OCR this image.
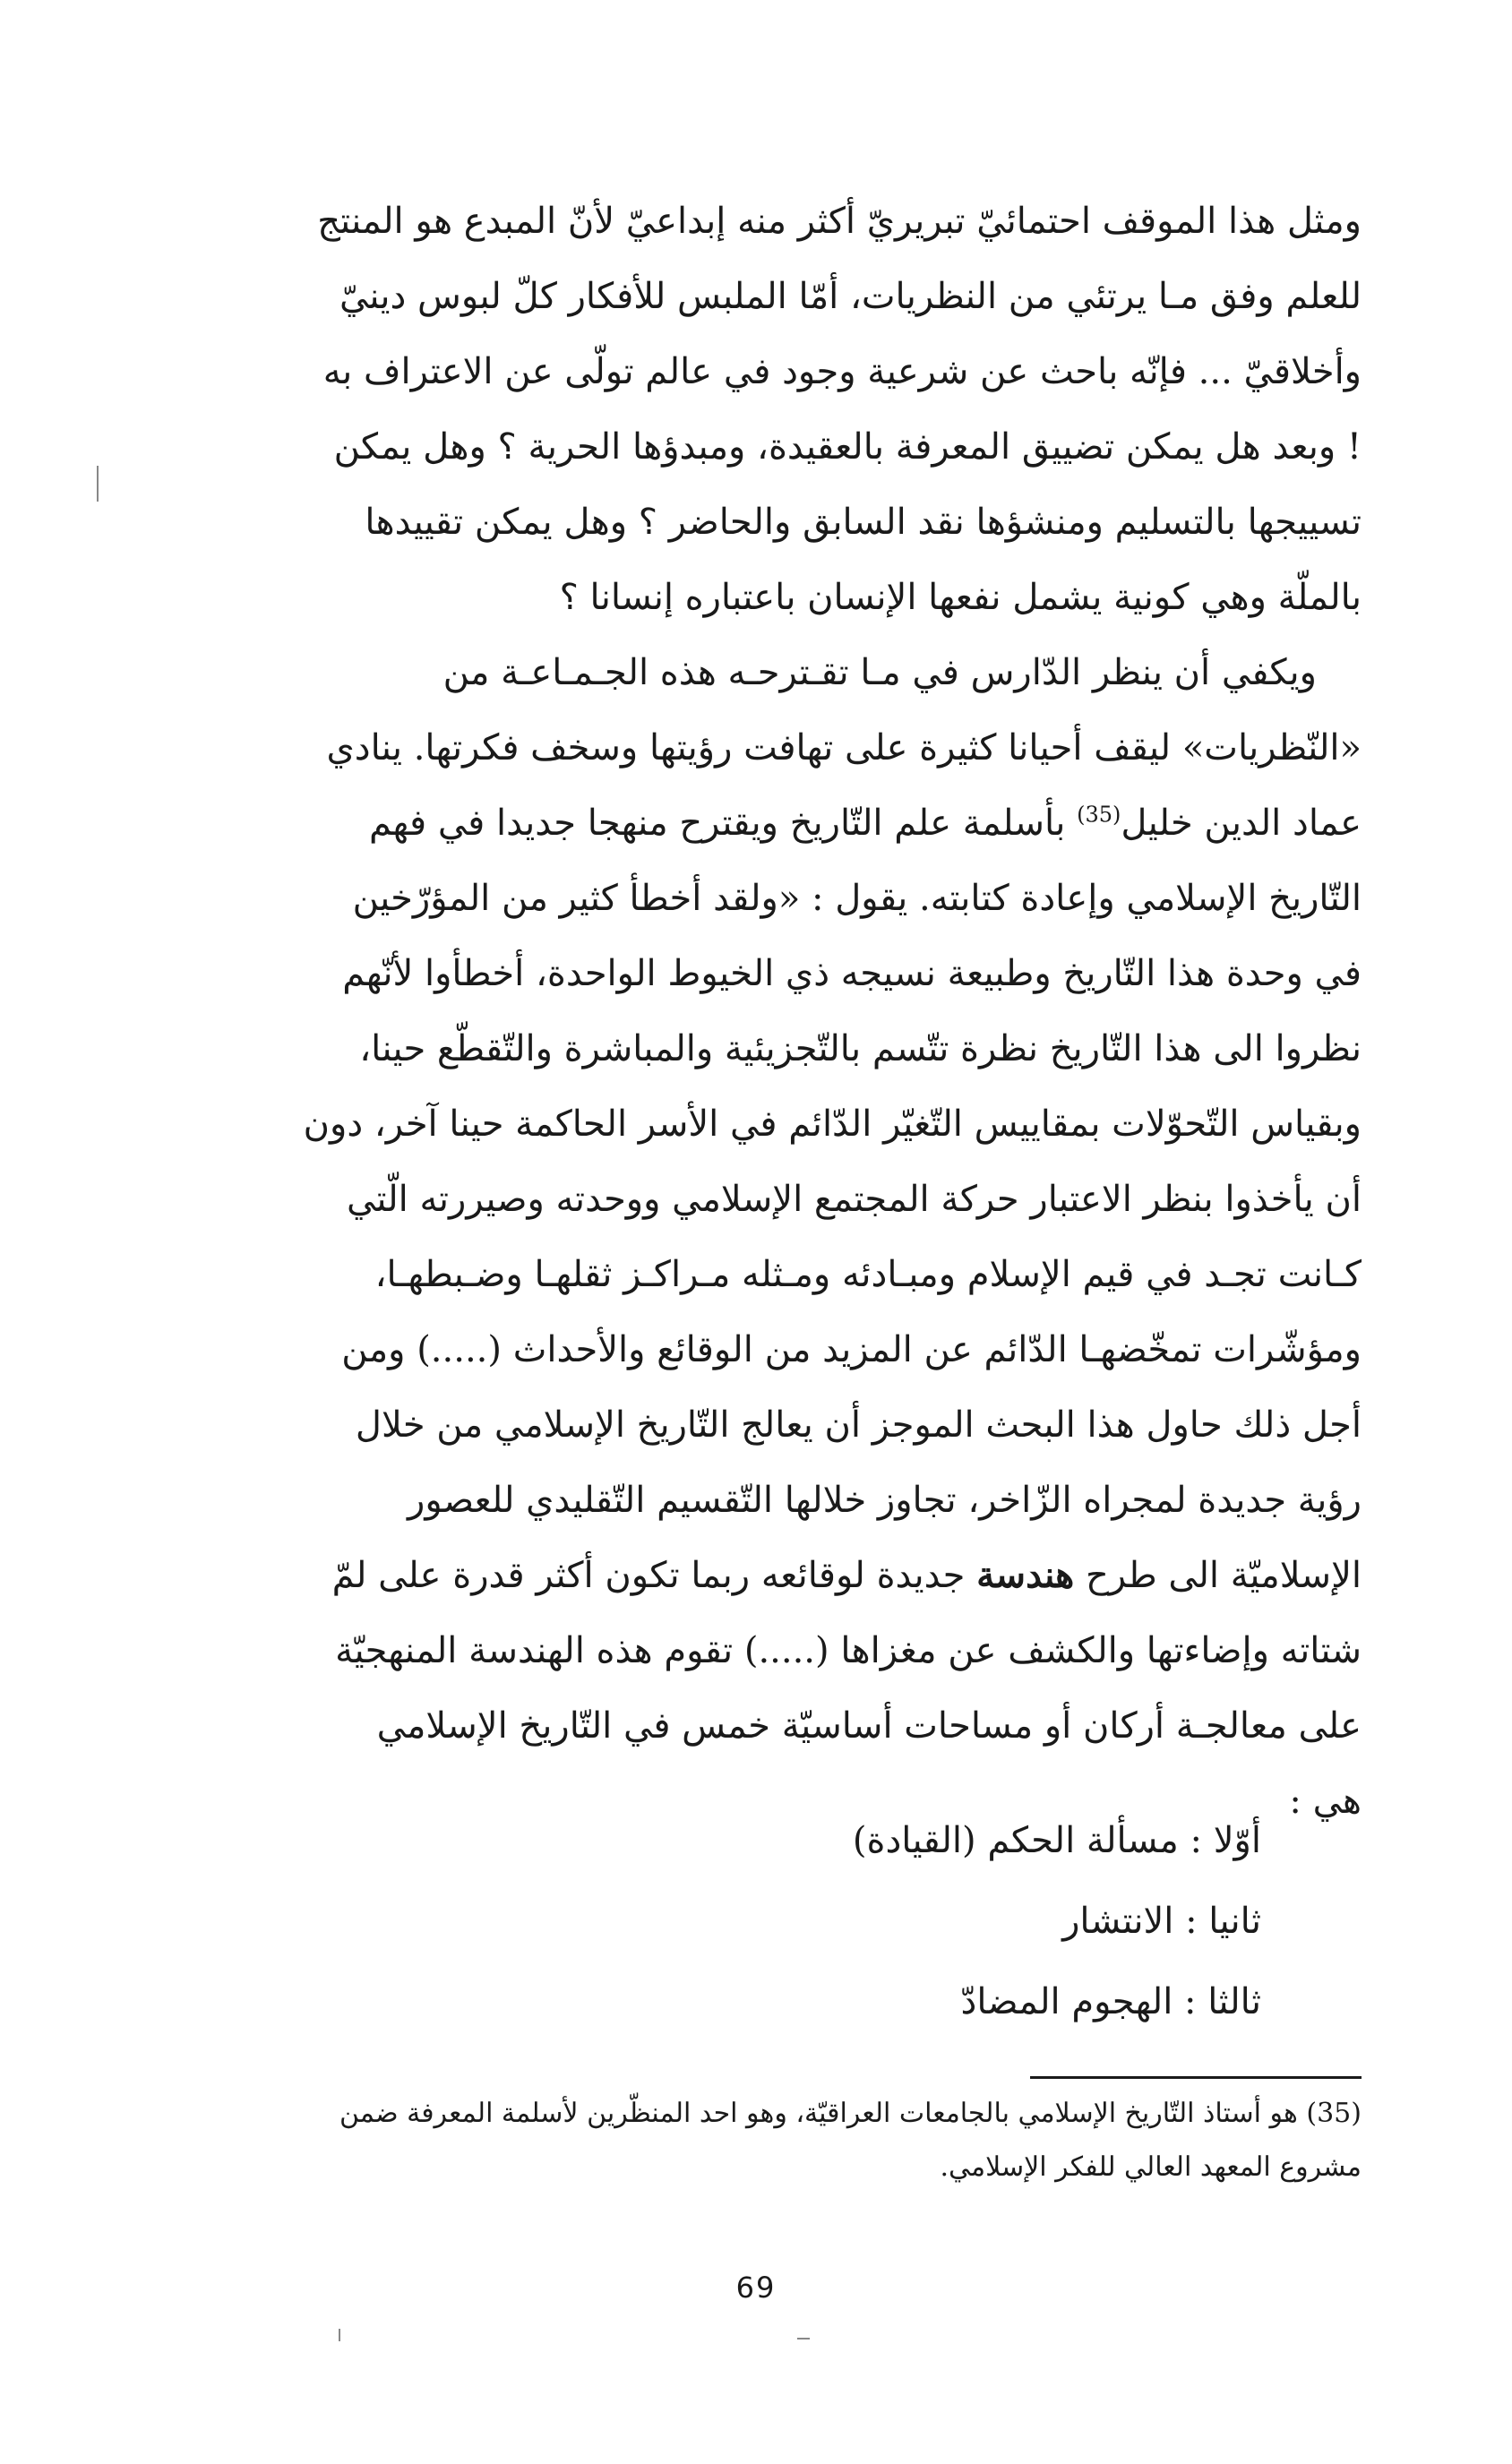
ومثل هذا الموقف احتمائيّ تبريريّ أكثر منه إبداعيّ لأنّ المبدع هو المنتج
للعلم وفق مـا يرتئي من النظريات، أمّا الملبس للأفكار كلّ لبوس دينيّ
وأخلاقيّ ... فإنّه باحث عن شرعية وجود في عالم تولّى عن الاعتراف به
! وبعد هل يمكن تضييق المعرفة بالعقيدة، ومبدؤها الحرية ؟ وهل يمكن
تسييجها بالتسليم ومنشؤها نقد السابق والحاضر ؟ وهل يمكن تقييدها
بالملّة وهي كونية يشمل نفعها الإنسان باعتباره إنسانا ؟
ويكفي أن ينظر الدّارس في مـا تقـترحـه هذه الجـمـاعـة من
«النّظريات» ليقف أحيانا كثيرة على تهافت رؤيتها وسخف فكرتها. ينادي
عماد الدين خليل$^{(35)}$ بأسلمة علم التّاريخ ويقترح منهجا جديدا في فهم
التّاريخ الإسلامي وإعادة كتابته. يقول : «ولقد أخطأ كثير من المؤرّخين
في وحدة هذا التّاريخ وطبيعة نسيجه ذي الخيوط الواحدة، أخطأوا لأنّهم
نظروا الى هذا التّاريخ نظرة تتّسم بالتّجزيئية والمباشرة والتّقطّع حينا،
وبقياس التّحوّلات بمقاييس التّغيّر الدّائم في الأسر الحاكمة حينا آخر، دون
أن يأخذوا بنظر الاعتبار حركة المجتمع الإسلامي ووحدته وصيررته الّتي
كـانت تجـد في قيم الإسلام ومبـادئه ومـثله مـراكـز ثقلهـا وضـبطهـا،
ومؤشّرات تمخّضهـا الدّائم عن المزيد من الوقائع والأحداث (.....) ومن
أجل ذلك حاول هذا البحث الموجز أن يعالج التّاريخ الإسلامي من خلال
رؤية جديدة لمجراه الزّاخر، تجاوز خلالها التّقسيم التّقليدي للعصور
الإسلاميّة الى طرح هندسة جديدة لوقائعه ربما تكون أكثر قدرة على لمّ
شتاته وإضاءتها والكشف عن مغزاها (.....) تقوم هذه الهندسة المنهجيّة
على معالجـة أركان أو مساحات أساسيّة خمس في التّاريخ الإسلامي
هي :
أوّلا : مسألة الحكم (القيادة)
ثانيا : الانتشار
ثالثا : الهجوم المضادّ
(35) هو أستاذ التّاريخ الإسلامي بالجامعات العراقيّة، وهو احد المنظّرين لأسلمة المعرفة ضمن
مشروع المعهد العالي للفكر الإسلامي.
69
